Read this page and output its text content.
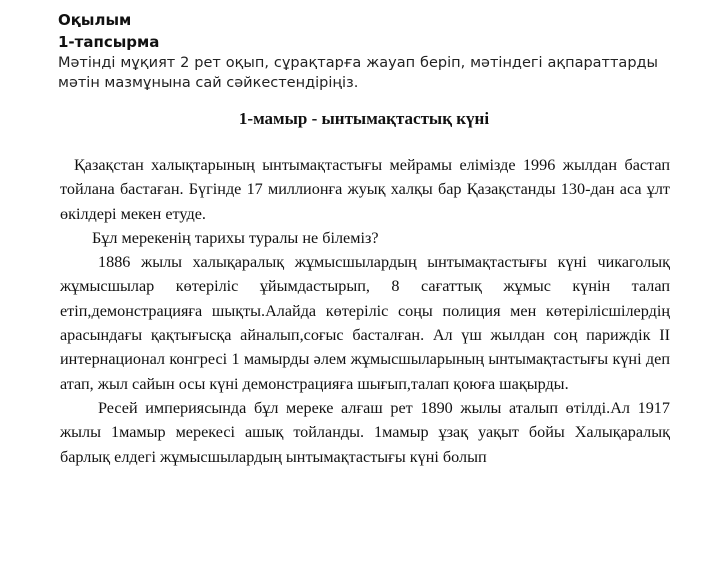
Оқылым
1-тапсырма
Мәтінді мұқият 2 рет оқып, сұрақтарға жауап беріп, мәтіндегі ақпараттарды мәтін мазмұнына сай сәйкестендіріңіз.
1-мамыр - ынтымақтастық күні

Қазақстан халықтарының ынтымақтастығы мейрамы елімізде 1996 жылдан бастап тойлана бастаған. Бүгінде 17 миллионға жуық халқы бар Қазақстанды 130-дан аса ұлт өкілдері мекен етуде.

Бұл мерекенің тарихы туралы не білеміз?

1886 жылы халықаралық жұмысшылардың ынтымақтастығы күні чикаголық жұмысшылар көтеріліс ұйымдастырып, 8 сағаттық жұмыс күнін талап етіп,демонстрацияға шықты.Алайда көтеріліс соңы полиция мен көтерілісшілердің арасындағы қақтығысқа айналып,соғыс басталған. Ал үш жылдан соң париждік ІІ интернационал конгресі 1 мамырды әлем жұмысшыларының ынтымақтастығы күні деп атап, жыл сайын осы күні демонстрацияға шығып,талап қоюға шақырды.

Ресей империясында бұл мереке алғаш рет 1890 жылы аталып өтілді.Ал 1917 жылы 1мамыр мерекесі ашық тойланды. 1мамыр ұзақ уақыт бойы Халықаралық барлық елдегі жұмысшылардың ынтымақтастығы күні болып
